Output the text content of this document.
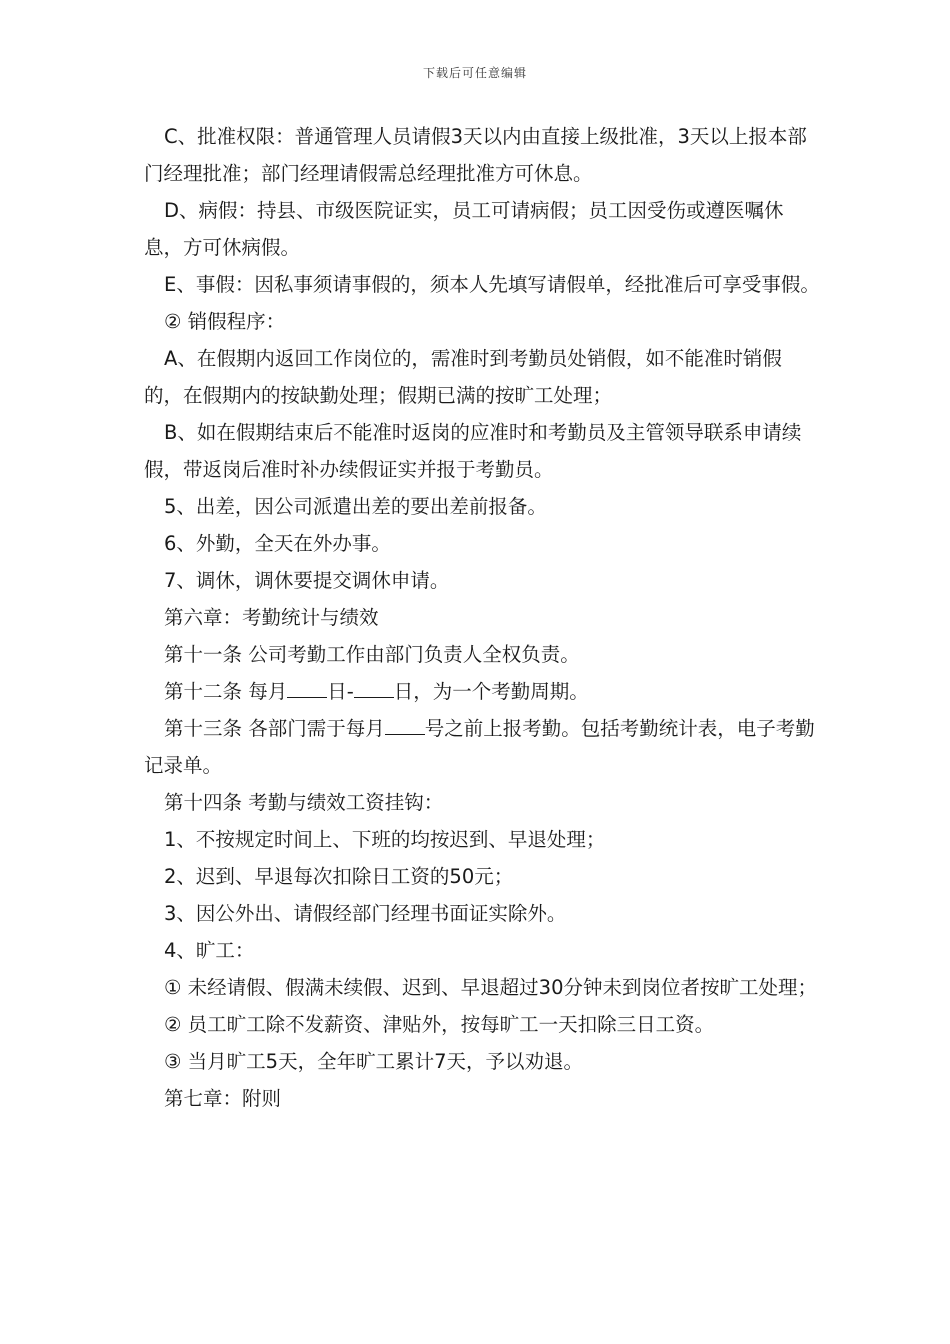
下载后可任意编辑

C、批准权限：普通管理人员请假3天以内由直接上级批准，3天以上报本部门经理批准；部门经理请假需总经理批准方可休息。

D、病假：持县、市级医院证实，员工可请病假；员工因受伤或遵医嘱休息，方可休病假。

E、事假：因私事须请事假的，须本人先填写请假单，经批准后可享受事假。

② 销假程序：

A、在假期内返回工作岗位的，需准时到考勤员处销假，如不能准时销假的，在假期内的按缺勤处理；假期已满的按旷工处理；

B、如在假期结束后不能准时返岗的应准时和考勤员及主管领导联系申请续假，带返岗后准时补办续假证实并报于考勤员。

5、出差，因公司派遣出差的要出差前报备。

6、外勤，全天在外办事。

7、调休，调休要提交调休申请。

第六章：考勤统计与绩效

第十一条 公司考勤工作由部门负责人全权负责。

第十二条 每月 日- 日，为一个考勤周期。

第十三条 各部门需于每月 号之前上报考勤。包括考勤统计表，电子考勤记录单。

第十四条 考勤与绩效工资挂钩：

1、不按规定时间上、下班的均按迟到、早退处理；

2、迟到、早退每次扣除日工资的50元；

3、因公外出、请假经部门经理书面证实除外。

4、旷工：

① 未经请假、假满未续假、迟到、早退超过30分钟未到岗位者按旷工处理；

② 员工旷工除不发薪资、津贴外，按每旷工一天扣除三日工资。

③ 当月旷工5天，全年旷工累计7天，予以劝退。

第七章：附则
